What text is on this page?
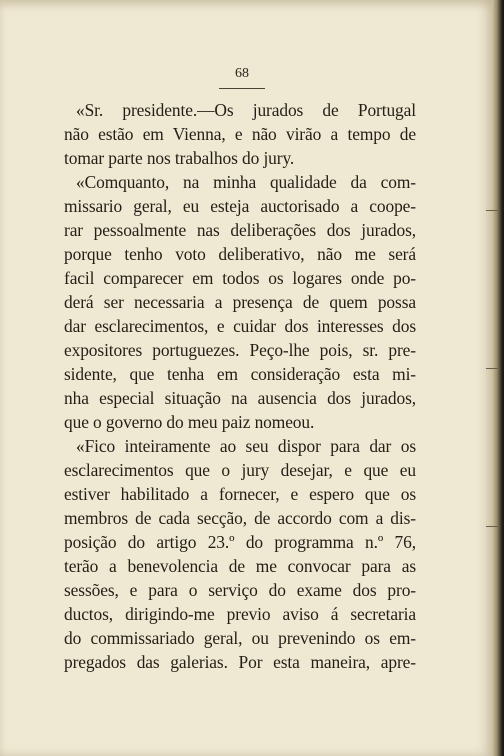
68
«Sr. presidente.—Os jurados de Portugal
não estão em Vienna, e não virão a tempo de
tomar parte nos trabalhos do jury.
«Comquanto, na minha qualidade da com-
missario geral, eu esteja auctorisado a coope-
rar pessoalmente nas deliberações dos jurados,
porque tenho voto deliberativo, não me será
facil comparecer em todos os logares onde po-
derá ser necessaria a presença de quem possa
dar esclarecimentos, e cuidar dos interesses dos
expositores portuguezes. Peço-lhe pois, sr. pre-
sidente, que tenha em consideração esta mi-
nha especial situação na ausencia dos jurados,
que o governo do meu paiz nomeou.
«Fico inteiramente ao seu dispor para dar os
esclarecimentos que o jury desejar, e que eu
estiver habilitado a fornecer, e espero que os
membros de cada secção, de accordo com a dis-
posição do artigo 23.º do programma n.º 76,
terão a benevolencia de me convocar para as
sessões, e para o serviço do exame dos pro-
ductos, dirigindo-me previo aviso á secretaria
do commissariado geral, ou prevenindo os em-
pregados das galerias. Por esta maneira, apre-
